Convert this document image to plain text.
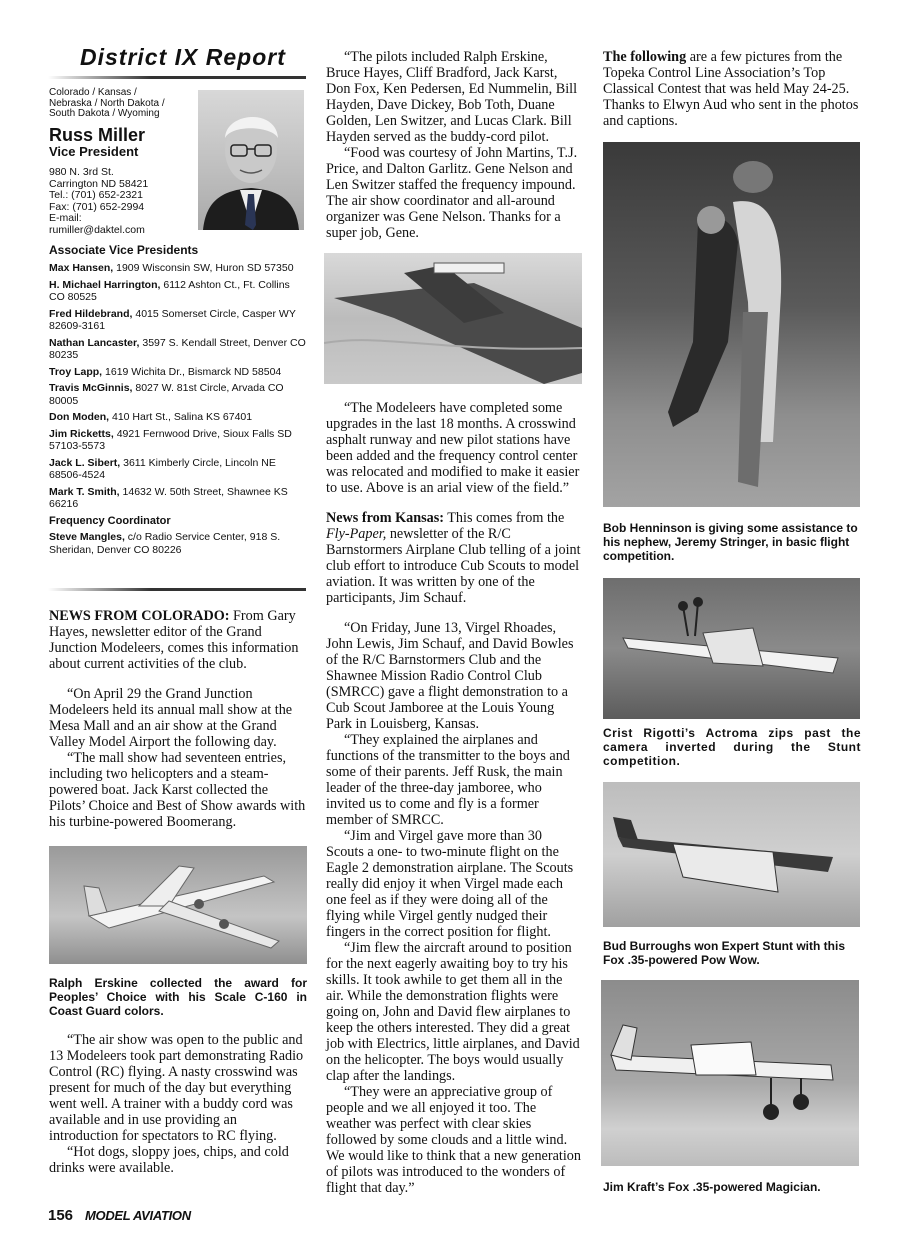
District IX Report
Colorado / Kansas /
Nebraska / North Dakota /
South Dakota / Wyoming
Russ Miller
Vice President
980 N. 3rd St.
Carrington ND 58421
Tel.: (701) 652-2321
Fax: (701) 652-2994
E-mail:
rumiller@daktel.com
Associate Vice Presidents

Max Hansen, 1909 Wisconsin SW, Huron SD 57350

H. Michael Harrington, 6112 Ashton Ct., Ft. Collins CO 80525

Fred Hildebrand, 4015 Somerset Circle, Casper WY 82609-3161

Nathan Lancaster, 3597 S. Kendall Street, Denver CO 80235

Troy Lapp, 1619 Wichita Dr., Bismarck ND 58504

Travis McGinnis, 8027 W. 81st Circle, Arvada CO 80005

Don Moden, 410 Hart St., Salina KS 67401

Jim Ricketts, 4921 Fernwood Drive, Sioux Falls SD 57103-5573

Jack L. Sibert, 3611 Kimberly Circle, Lincoln NE 68506-4524

Mark T. Smith, 14632 W. 50th Street, Shawnee KS 66216

Frequency Coordinator

Steve Mangles, c/o Radio Service Center, 918 S. Sheridan, Denver CO 80226

NEWS FROM COLORADO: From Gary Hayes, newsletter editor of the Grand Junction Modeleers, comes this information about current activities of the club.

“On April 29 the Grand Junction Modeleers held its annual mall show at the Mesa Mall and an air show at the Grand Valley Model Airport the following day.

“The mall show had seventeen entries, including two helicopters and a steam-powered boat. Jack Karst collected the Pilots’ Choice and Best of Show awards with his turbine-powered Boomerang.

Ralph Erskine collected the award for Peoples’ Choice with his Scale C-160 in Coast Guard colors.

“The air show was open to the public and 13 Modeleers took part demonstrating Radio Control (RC) flying. A nasty crosswind was present for much of the day but everything went well. A trainer with a buddy cord was available and in use providing an introduction for spectators to RC flying.

“Hot dogs, sloppy joes, chips, and cold drinks were available.

“The pilots included Ralph Erskine, Bruce Hayes, Cliff Bradford, Jack Karst, Don Fox, Ken Pedersen, Ed Nummelin, Bill Hayden, Dave Dickey, Bob Toth, Duane Golden, Len Switzer, and Lucas Clark. Bill Hayden served as the buddy-cord pilot.

“Food was courtesy of John Martins, T.J. Price, and Dalton Garlitz. Gene Nelson and Len Switzer staffed the frequency impound. The air show coordinator and all-around organizer was Gene Nelson. Thanks for a super job, Gene.

“The Modeleers have completed some upgrades in the last 18 months. A crosswind asphalt runway and new pilot stations have been added and the frequency control center was relocated and modified to make it easier to use. Above is an arial view of the field.”

News from Kansas: This comes from the Fly-Paper, newsletter of the R/C Barnstormers Airplane Club telling of a joint club effort to introduce Cub Scouts to model aviation. It was written by one of the participants, Jim Schauf.

“On Friday, June 13, Virgel Rhoades, John Lewis, Jim Schauf, and David Bowles of the R/C Barnstormers Club and the Shawnee Mission Radio Control Club (SMRCC) gave a flight demonstration to a Cub Scout Jamboree at the Louis Young Park in Louisberg, Kansas.

“They explained the airplanes and functions of the transmitter to the boys and some of their parents. Jeff Rusk, the main leader of the three-day jamboree, who invited us to come and fly is a former member of SMRCC.

“Jim and Virgel gave more than 30 Scouts a one- to two-minute flight on the Eagle 2 demonstration airplane. The Scouts really did enjoy it when Virgel made each one feel as if they were doing all of the flying while Virgel gently nudged their fingers in the correct position for flight.

“Jim flew the aircraft around to position for the next eagerly awaiting boy to try his skills. It took awhile to get them all in the air. While the demonstration flights were going on, John and David flew airplanes to keep the others interested. They did a great job with Electrics, little airplanes, and David on the helicopter. The boys would usually clap after the landings.

“They were an appreciative group of people and we all enjoyed it too. The weather was perfect with clear skies followed by some clouds and a little wind. We would like to think that a new generation of pilots was introduced to the wonders of flight that day.”

The following are a few pictures from the Topeka Control Line Association’s Top Classical Contest that was held May 24-25. Thanks to Elwyn Aud who sent in the photos and captions.

Bob Henninson is giving some assistance to his nephew, Jeremy Stringer, in basic flight competition.
Crist Rigotti’s Actroma zips past the camera inverted during the Stunt competition.
Bud Burroughs won Expert Stunt with this Fox .35-powered Pow Wow.
Jim Kraft’s Fox .35-powered Magician.
156 MODEL AVIATION
